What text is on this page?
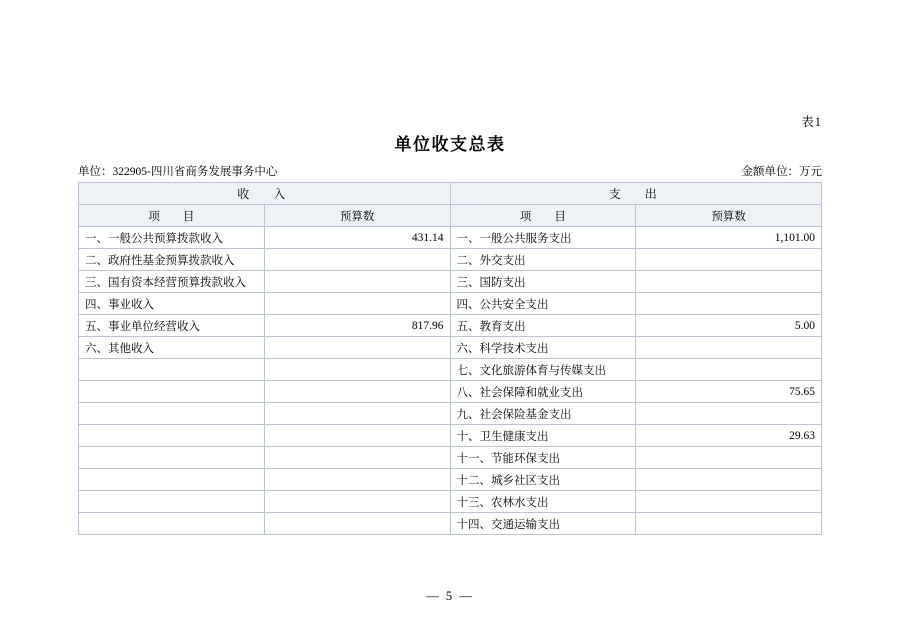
表1
单位收支总表
单位：322905-四川省商务发展事务中心	金额单位：万元
收　入		支　出	
项　　目	预算数	项　　目	预算数
一、一般公共预算拨款收入	431.14	一、一般公共服务支出	1,101.00
二、政府性基金预算拨款收入		二、外交支出	
三、国有资本经营预算拨款收入		三、国防支出	
四、事业收入		四、公共安全支出	
五、事业单位经营收入	817.96	五、教育支出	5.00
六、其他收入		六、科学技术支出	
		七、文化旅游体育与传媒支出	
		八、社会保障和就业支出	75.65
		九、社会保险基金支出	
		十、卫生健康支出	29.63
		十一、节能环保支出	
		十二、城乡社区支出	
		十三、农林水支出	
		十四、交通运输支出	
— 5 —
